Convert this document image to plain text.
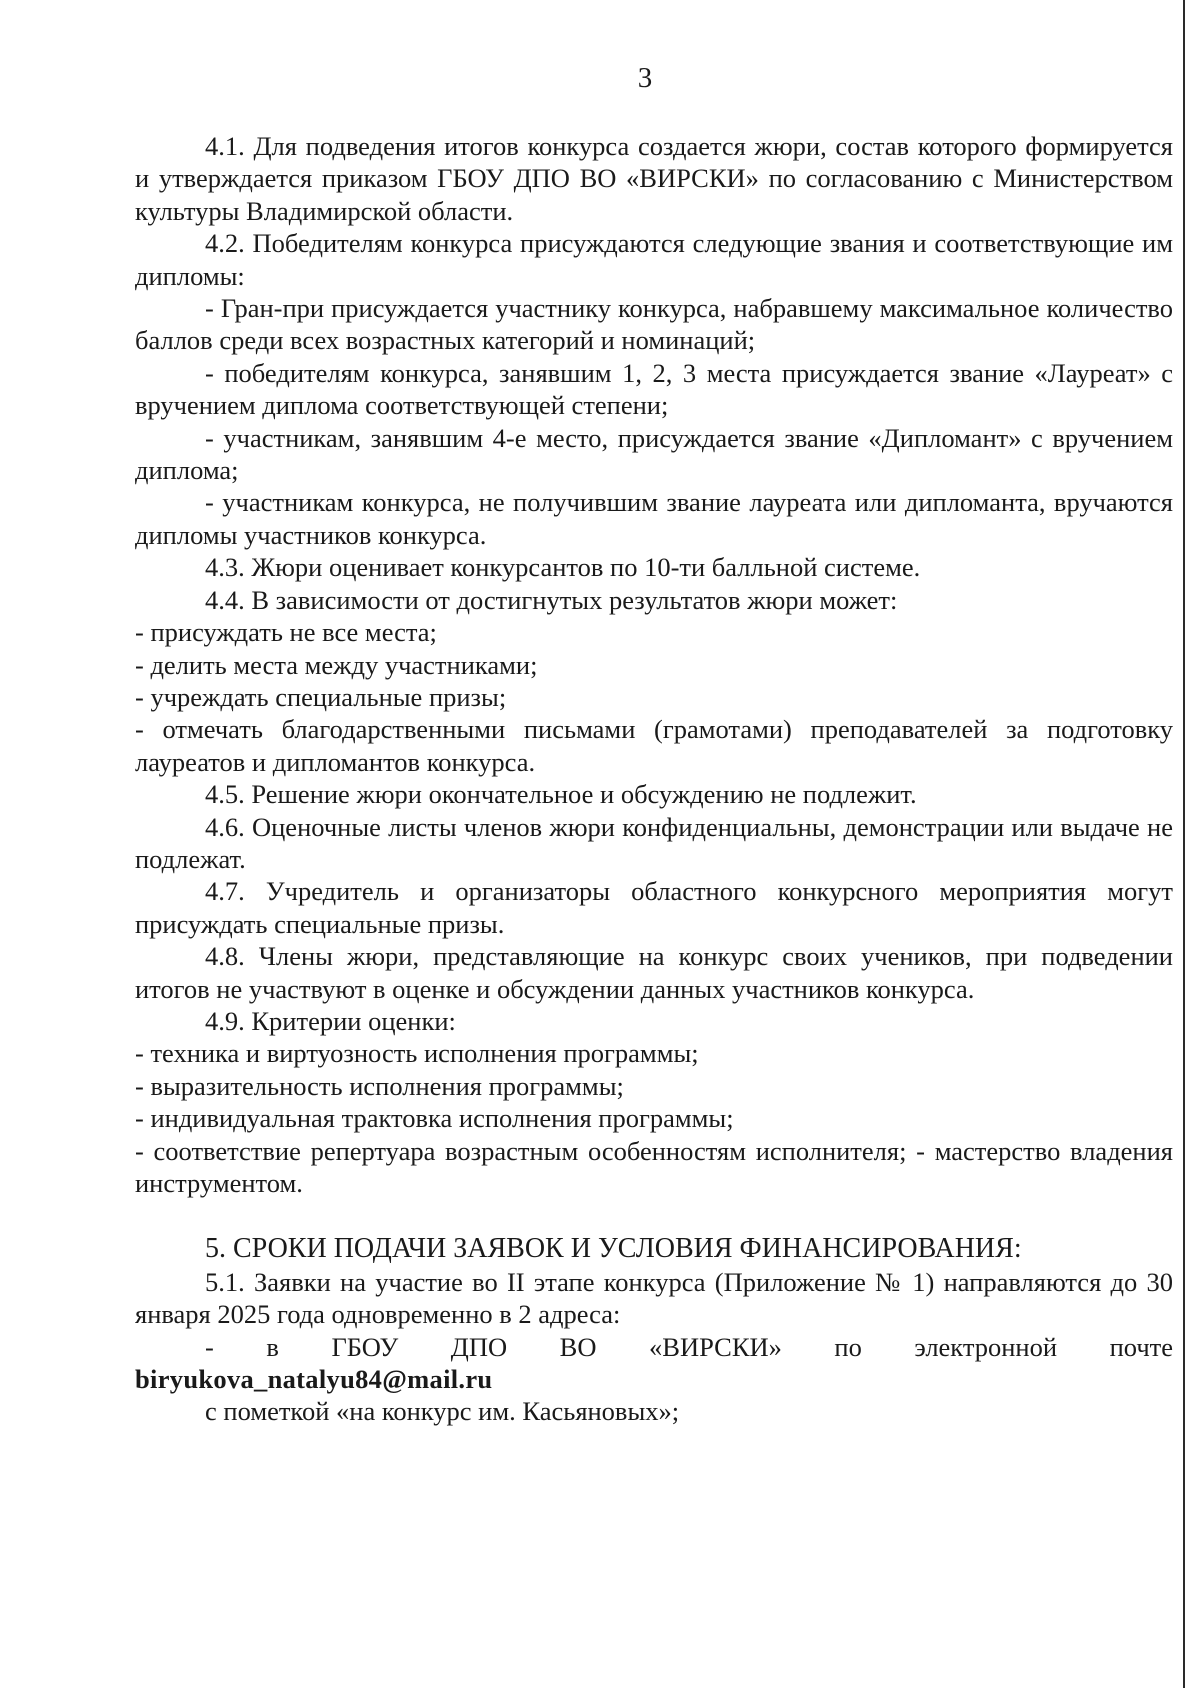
3

4.1. Для подведения итогов конкурса создается жюри, состав которого формируется и утверждается приказом ГБОУ ДПО ВО «ВИРСКИ» по согласованию с Министерством культуры Владимирской области.

4.2. Победителям конкурса присуждаются следующие звания и соответствующие им дипломы:

- Гран-при присуждается участнику конкурса, набравшему максимальное количество баллов среди всех возрастных категорий и номинаций;

- победителям конкурса, занявшим 1, 2, 3 места присуждается звание «Лауреат» с вручением диплома соответствующей степени;

- участникам, занявшим 4-е место, присуждается звание «Дипломант» с вручением диплома;

- участникам конкурса, не получившим звание лауреата или дипломанта, вручаются дипломы участников конкурса.

4.3. Жюри оценивает конкурсантов по 10-ти балльной системе.

4.4. В зависимости от достигнутых результатов жюри может:

- присуждать не все места;

- делить места между участниками;

- учреждать специальные призы;

- отмечать благодарственными письмами (грамотами) преподавателей за подготовку лауреатов и дипломантов конкурса.

4.5. Решение жюри окончательное и обсуждению не подлежит.

4.6. Оценочные листы членов жюри конфиденциальны, демонстрации или выдаче не подлежат.

4.7. Учредитель и организаторы областного конкурсного мероприятия могут присуждать специальные призы.

4.8. Члены жюри, представляющие на конкурс своих учеников, при подведении итогов не участвуют в оценке и обсуждении данных участников конкурса.

4.9. Критерии оценки:

- техника и виртуозность исполнения программы;

- выразительность исполнения программы;

- индивидуальная трактовка исполнения программы;

- соответствие репертуара возрастным особенностям исполнителя; - мастерство владения инструментом.

5. СРОКИ ПОДАЧИ ЗАЯВОК И УСЛОВИЯ ФИНАНСИРОВАНИЯ:

5.1. Заявки на участие во II этапе конкурса (Приложение № 1) направляются до 30 января 2025 года одновременно в 2 адреса:

- в ГБОУ ДПО ВО «ВИРСКИ» по электронной почте

biryukova_natalyu84@mail.ru

с пометкой «на конкурс им. Касьяновых»;
